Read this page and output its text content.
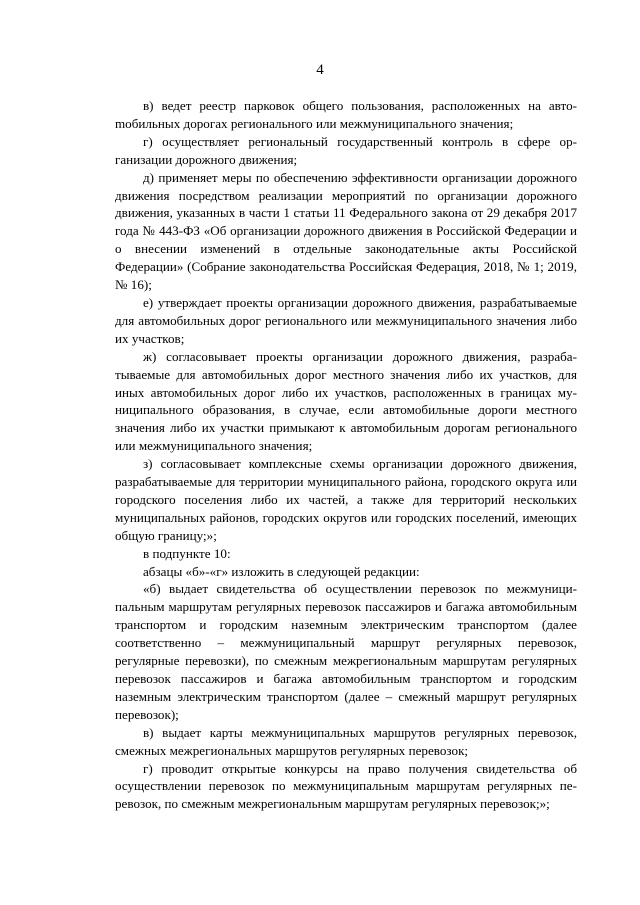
4

в) ведет реестр парковок общего пользования, расположенных на автоmобильных дорогах регионального или межмуниципального значения;

г) осуществляет региональный государственный контроль в сфере организации дорожного движения;

д) применяет меры по обеспечению эффективности организации дорожного движения посредством реализации мероприятий по организации дорожного движения, указанных в части 1 статьи 11 Федерального закона от 29 декабря 2017 года № 443-ФЗ «Об организации дорожного движения в Российской Федерации и о внесении изменений в отдельные законодательные акты Российской Федерации» (Собрание законодательства Российская Федерация, 2018, № 1; 2019, № 16);

е) утверждает проекты организации дорожного движения, разрабатываемые для автомобильных дорог регионального или межмуниципального значения либо их участков;

ж) согласовывает проекты организации дорожного движения, разрабатываемые для автомобильных дорог местного значения либо их участков, для иных автомобильных дорог либо их участков, расположенных в границах муниципального образования, в случае, если автомобильные дороги местного значения либо их участки примыкают к автомобильным дорогам регионального или межмуниципального значения;

з) согласовывает комплексные схемы организации дорожного движения, разрабатываемые для территории муниципального района, городского округа или городского поселения либо их частей, а также для территорий нескольких муниципальных районов, городских округов или городских поселений, имеющих общую границу;»;

в подпункте 10:

абзацы «б»-«г» изложить в следующей редакции:

«б) выдает свидетельства об осуществлении перевозок по межмуниципальным маршрутам регулярных перевозок пассажиров и багажа автомобильным транспортом и городским наземным электрическим транспортом (далее соответственно – межмуниципальный маршрут регулярных перевозок, регулярные перевозки), по смежным межрегиональным маршрутам регулярных перевозок пассажиров и багажа автомобильным транспортом и городским наземным электрическим транспортом (далее – смежный маршрут регулярных перевозок);

в) выдает карты межмуниципальных маршрутов регулярных перевозок, смежных межрегиональных маршрутов регулярных перевозок;

г) проводит открытые конкурсы на право получения свидетельства об осуществлении перевозок по межмуниципальным маршрутам регулярных перевозок, по смежным межрегиональным маршрутам регулярных перевозок;»;
